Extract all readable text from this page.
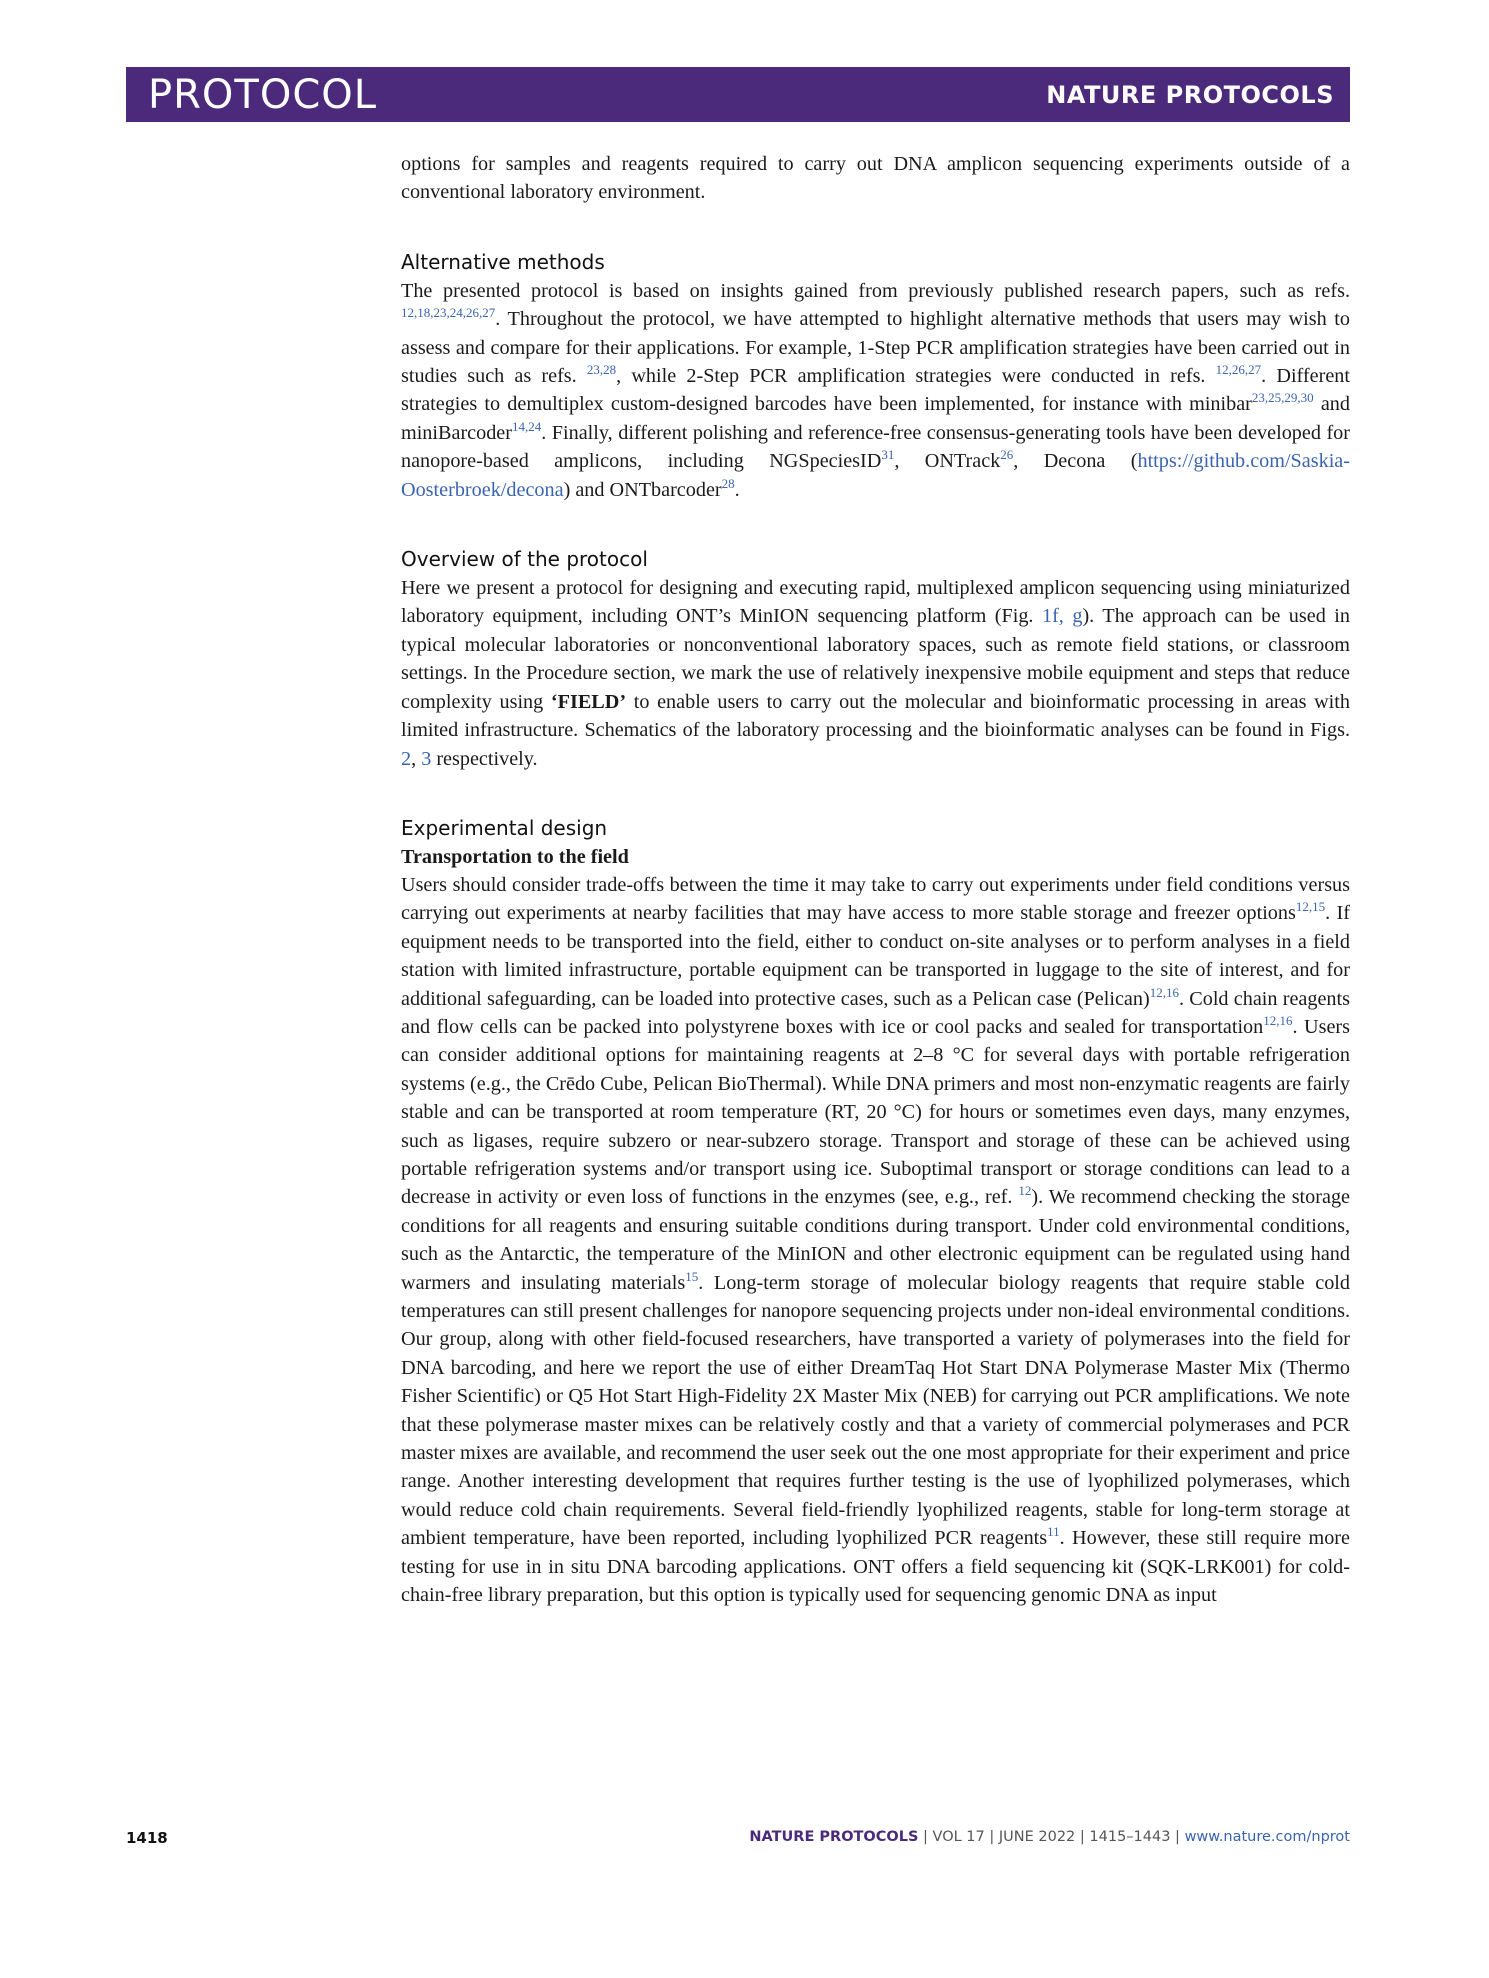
PROTOCOL	NATURE PROTOCOLS

options for samples and reagents required to carry out DNA amplicon sequencing experiments outside of a conventional laboratory environment.

Alternative methods

The presented protocol is based on insights gained from previously published research papers, such as refs. $^{12,18,23,24,26,27}$. Throughout the protocol, we have attempted to highlight alternative methods that users may wish to assess and compare for their applications. For example, 1-Step PCR amplification strategies have been carried out in studies such as refs. $^{23,28}$, while 2-Step PCR amplification strategies were conducted in refs. $^{12,26,27}$. Different strategies to demultiplex custom-designed barcodes have been implemented, for instance with minibar$^{23,25,29,30}$ and miniBarcoder$^{14,24}$. Finally, different polishing and reference-free consensus-generating tools have been developed for nanopore-based amplicons, including NGSpeciesID$^{31}$, ONTrack$^{26}$, Decona (https://github.com/Saskia-Oosterbroek/decona) and ONTbarcoder$^{28}$.

Overview of the protocol

Here we present a protocol for designing and executing rapid, multiplexed amplicon sequencing using miniaturized laboratory equipment, including ONT’s MinION sequencing platform (Fig. 1f, g). The approach can be used in typical molecular laboratories or nonconventional laboratory spaces, such as remote field stations, or classroom settings. In the Procedure section, we mark the use of relatively inexpensive mobile equipment and steps that reduce complexity using ‘FIELD’ to enable users to carry out the molecular and bioinformatic processing in areas with limited infrastructure. Schematics of the laboratory processing and the bioinformatic analyses can be found in Figs. 2, 3 respectively.

Experimental design
Transportation to the field

Users should consider trade-offs between the time it may take to carry out experiments under field conditions versus carrying out experiments at nearby facilities that may have access to more stable storage and freezer options$^{12,15}$. If equipment needs to be transported into the field, either to conduct on-site analyses or to perform analyses in a field station with limited infrastructure, portable equipment can be transported in luggage to the site of interest, and for additional safeguarding, can be loaded into protective cases, such as a Pelican case (Pelican)$^{12,16}$. Cold chain reagents and flow cells can be packed into polystyrene boxes with ice or cool packs and sealed for transportation$^{12,16}$. Users can consider additional options for maintaining reagents at 2–8 °C for several days with portable refrigeration systems (e.g., the Crēdo Cube, Pelican BioThermal). While DNA primers and most non-enzymatic reagents are fairly stable and can be transported at room temperature (RT, 20 °C) for hours or sometimes even days, many enzymes, such as ligases, require subzero or near-subzero storage. Transport and storage of these can be achieved using portable refrigeration systems and/or transport using ice. Suboptimal transport or storage conditions can lead to a decrease in activity or even loss of functions in the enzymes (see, e.g., ref. $^{12}$). We recommend checking the storage conditions for all reagents and ensuring suitable conditions during transport. Under cold environmental conditions, such as the Antarctic, the temperature of the MinION and other electronic equipment can be regulated using hand warmers and insulating materials$^{15}$. Long-term storage of molecular biology reagents that require stable cold temperatures can still present challenges for nanopore sequencing projects under non-ideal environmental conditions. Our group, along with other field-focused researchers, have transported a variety of polymerases into the field for DNA barcoding, and here we report the use of either DreamTaq Hot Start DNA Polymerase Master Mix (Thermo Fisher Scientific) or Q5 Hot Start High-Fidelity 2X Master Mix (NEB) for carrying out PCR amplifications. We note that these polymerase master mixes can be relatively costly and that a variety of commercial polymerases and PCR master mixes are available, and recommend the user seek out the one most appropriate for their experiment and price range. Another interesting development that requires further testing is the use of lyophilized polymerases, which would reduce cold chain requirements. Several field-friendly lyophilized reagents, stable for long-term storage at ambient temperature, have been reported, including lyophilized PCR reagents$^{11}$. However, these still require more testing for use in in situ DNA barcoding applications. ONT offers a field sequencing kit (SQK-LRK001) for cold-chain-free library preparation, but this option is typically used for sequencing genomic DNA as input

1418	NATURE PROTOCOLS | VOL 17 | JUNE 2022 | 1415–1443 | www.nature.com/nprot
